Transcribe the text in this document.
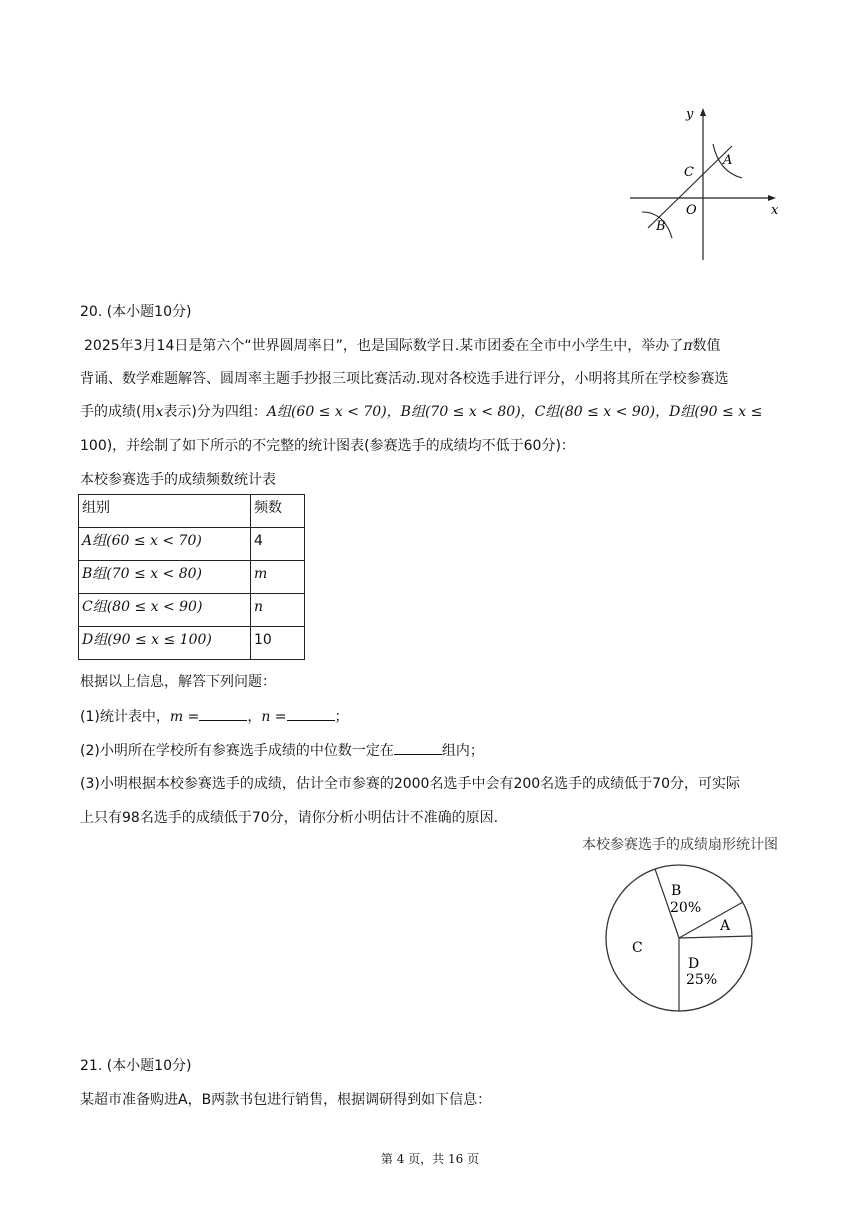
y
x
C
A
O
B
20. (本小题10分)
2025年3月14日是第六个“世界圆周率日”，也是国际数学日.某市团委在全市中小学生中，举办了π数值
背诵、数学难题解答、圆周率主题手抄报三项比赛活动.现对各校选手进行评分，小明将其所在学校参赛选
手的成绩(用x表示)分为四组：A组(60 ≤ x < 70)，B组(70 ≤ x < 80)，C组(80 ≤ x < 90)，D组(90 ≤ x ≤
100)，并绘制了如下所示的不完整的统计图表(参赛选手的成绩均不低于60分)：
本校参赛选手的成绩频数统计表
组别	频数
A组(60 ≤ x < 70)	4
B组(70 ≤ x < 80)	m
C组(80 ≤ x < 90)	n
D组(90 ≤ x ≤ 100)	10
根据以上信息，解答下列问题：
(1)统计表中，m =	，n =	；
(2)小明所在学校所有参赛选手成绩的中位数一定在	组内；
(3)小明根据本校参赛选手的成绩，估计全市参赛的2000名选手中会有200名选手的成绩低于70分，可实际
上只有98名选手的成绩低于70分，请你分析小明估计不准确的原因.
本校参赛选手的成绩扇形统计图
B
20%
A
C
D
25%
21. (本小题10分)
某超市准备购进A，B两款书包进行销售，根据调研得到如下信息：
第 4 页，共 16 页
